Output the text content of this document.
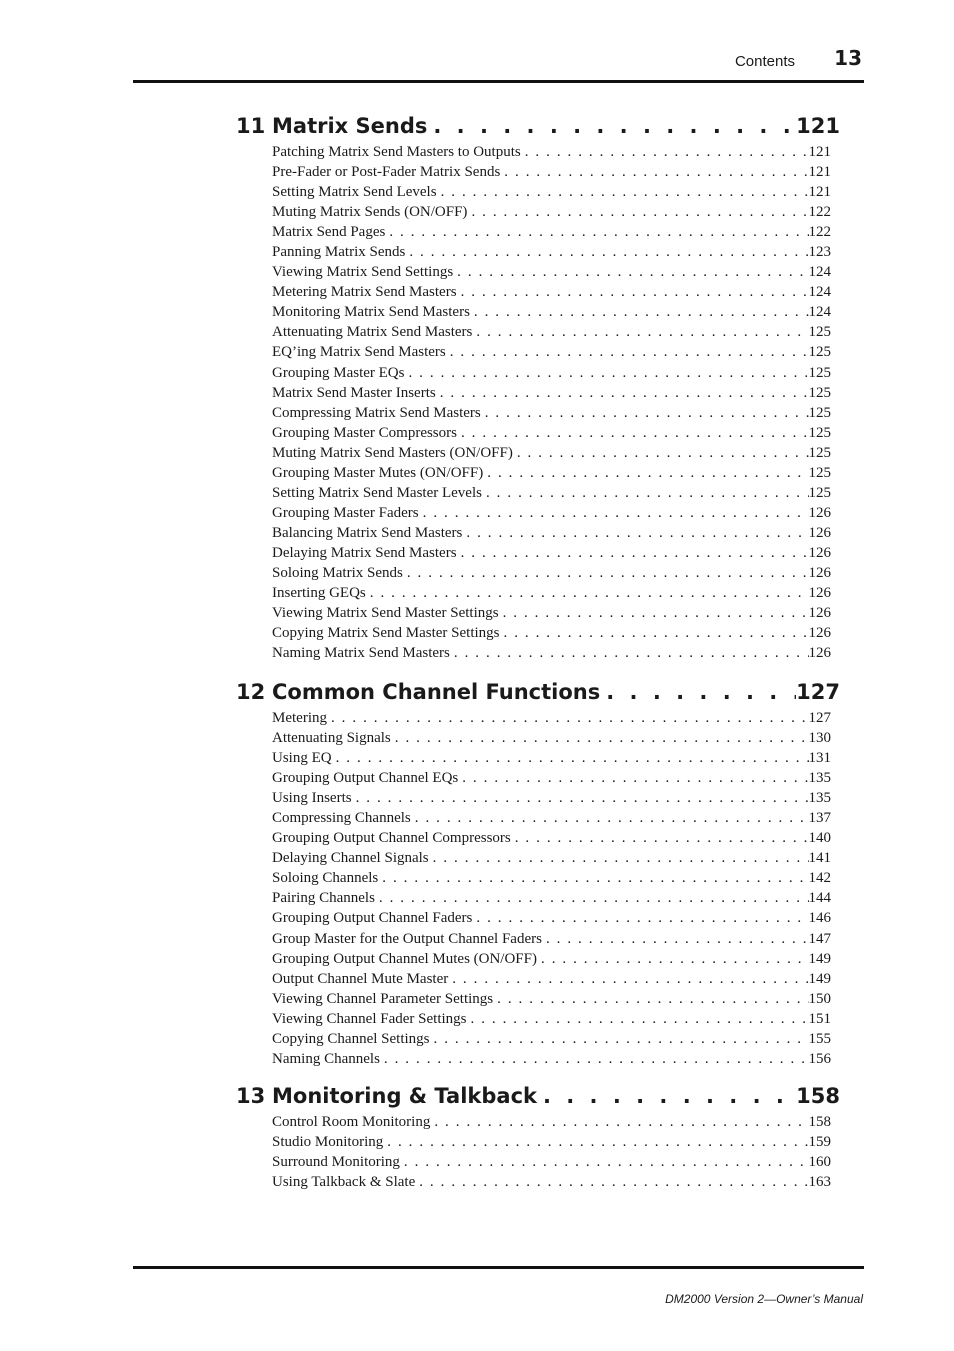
Contents	13
11 Matrix Sends . . .	121
Patching Matrix Send Masters to Outputs . . .	121
Pre-Fader or Post-Fader Matrix Sends . . .	121
Setting Matrix Send Levels . . .	121
Muting Matrix Sends (ON/OFF) . . .	122
Matrix Send Pages . . .	122
Panning Matrix Sends . . .	123
Viewing Matrix Send Settings . . .	124
Metering Matrix Send Masters . . .	124
Monitoring Matrix Send Masters . . .	124
Attenuating Matrix Send Masters . . .	125
EQ’ing Matrix Send Masters . . .	125
Grouping Master EQs . . .	125
Matrix Send Master Inserts . . .	125
Compressing Matrix Send Masters . . .	125
Grouping Master Compressors . . .	125
Muting Matrix Send Masters (ON/OFF) . . .	125
Grouping Master Mutes (ON/OFF) . . .	125
Setting Matrix Send Master Levels . . .	125
Grouping Master Faders . . .	126
Balancing Matrix Send Masters . . .	126
Delaying Matrix Send Masters . . .	126
Soloing Matrix Sends . . .	126
Inserting GEQs . . .	126
Viewing Matrix Send Master Settings . . .	126
Copying Matrix Send Master Settings . . .	126
Naming Matrix Send Masters . . .	126
12 Common Channel Functions . . .	127
Metering . . .	127
Attenuating Signals . . .	130
Using EQ . . .	131
Grouping Output Channel EQs . . .	135
Using Inserts . . .	135
Compressing Channels . . .	137
Grouping Output Channel Compressors . . .	140
Delaying Channel Signals . . .	141
Soloing Channels . . .	142
Pairing Channels . . .	144
Grouping Output Channel Faders . . .	146
Group Master for the Output Channel Faders . . .	147
Grouping Output Channel Mutes (ON/OFF) . . .	149
Output Channel Mute Master . . .	149
Viewing Channel Parameter Settings . . .	150
Viewing Channel Fader Settings . . .	151
Copying Channel Settings . . .	155
Naming Channels . . .	156
13 Monitoring & Talkback . . .	158
Control Room Monitoring . . .	158
Studio Monitoring . . .	159
Surround Monitoring . . .	160
Using Talkback & Slate . . .	163
DM2000 Version 2—Owner’s Manual
